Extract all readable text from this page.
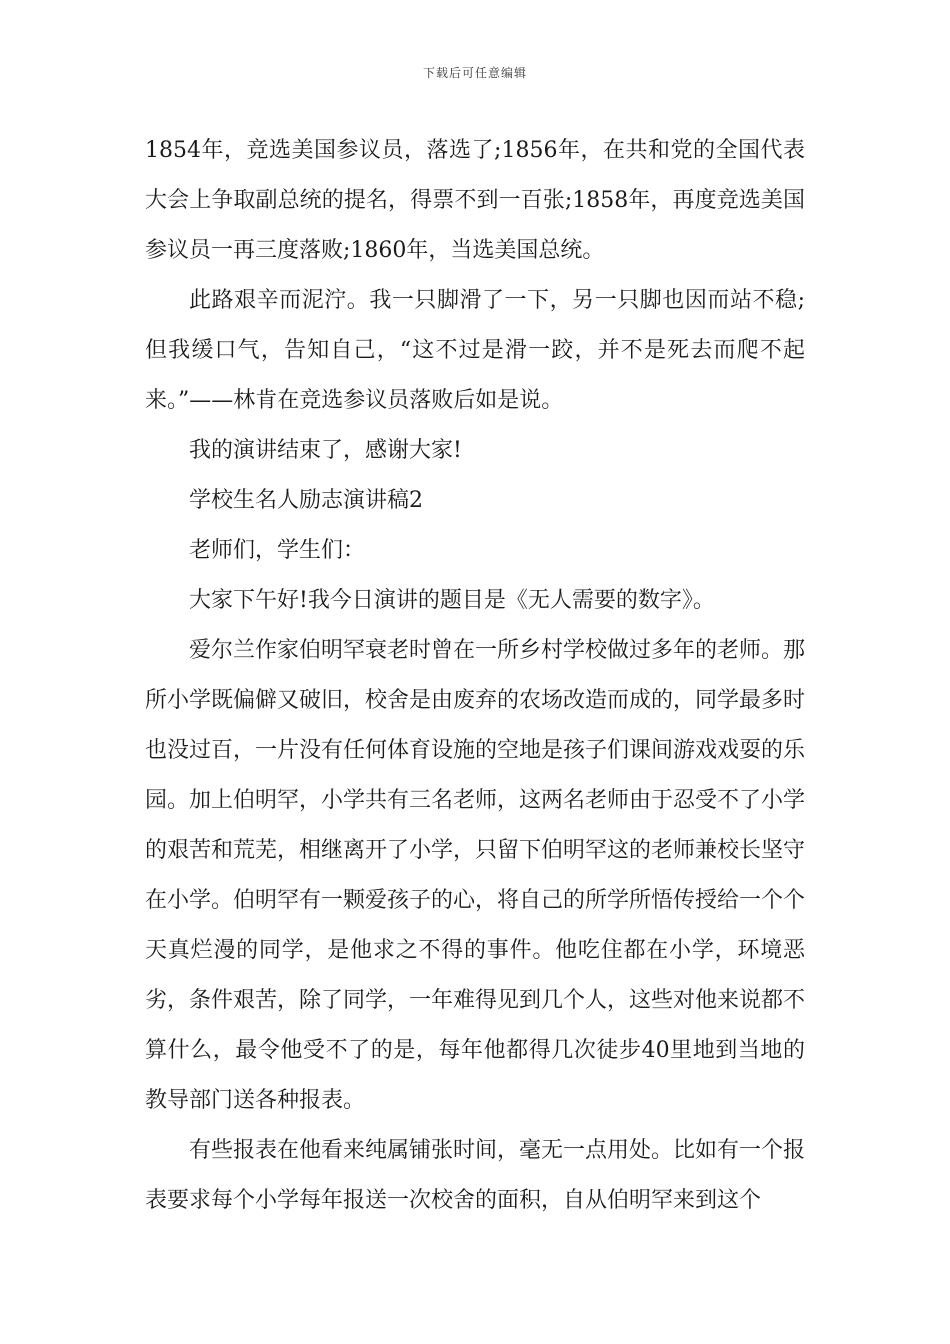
下载后可任意编辑

1854年，竞选美国参议员，落选了;1856年，在共和党的全国代表大会上争取副总统的提名，得票不到一百张;1858年，再度竞选美国参议员一再三度落败;1860年，当选美国总统。

此路艰辛而泥泞。我一只脚滑了一下，另一只脚也因而站不稳;但我缓口气，告知自己，“这不过是滑一跤，并不是死去而爬不起来。”——林肯在竞选参议员落败后如是说。

我的演讲结束了，感谢大家!

学校生名人励志演讲稿2

老师们，学生们：

大家下午好!我今日演讲的题目是《无人需要的数字》。

爱尔兰作家伯明罕衰老时曾在一所乡村学校做过多年的老师。那所小学既偏僻又破旧，校舍是由废弃的农场改造而成的，同学最多时也没过百，一片没有任何体育设施的空地是孩子们课间游戏戏耍的乐园。加上伯明罕，小学共有三名老师，这两名老师由于忍受不了小学的艰苦和荒芜，相继离开了小学，只留下伯明罕这的老师兼校长坚守在小学。伯明罕有一颗爱孩子的心，将自己的所学所悟传授给一个个天真烂漫的同学，是他求之不得的事件。他吃住都在小学，环境恶劣，条件艰苦，除了同学，一年难得见到几个人，这些对他来说都不算什么，最令他受不了的是，每年他都得几次徒步40里地到当地的教导部门送各种报表。

有些报表在他看来纯属铺张时间，毫无一点用处。比如有一个报表要求每个小学每年报送一次校舍的面积，自从伯明罕来到这个
